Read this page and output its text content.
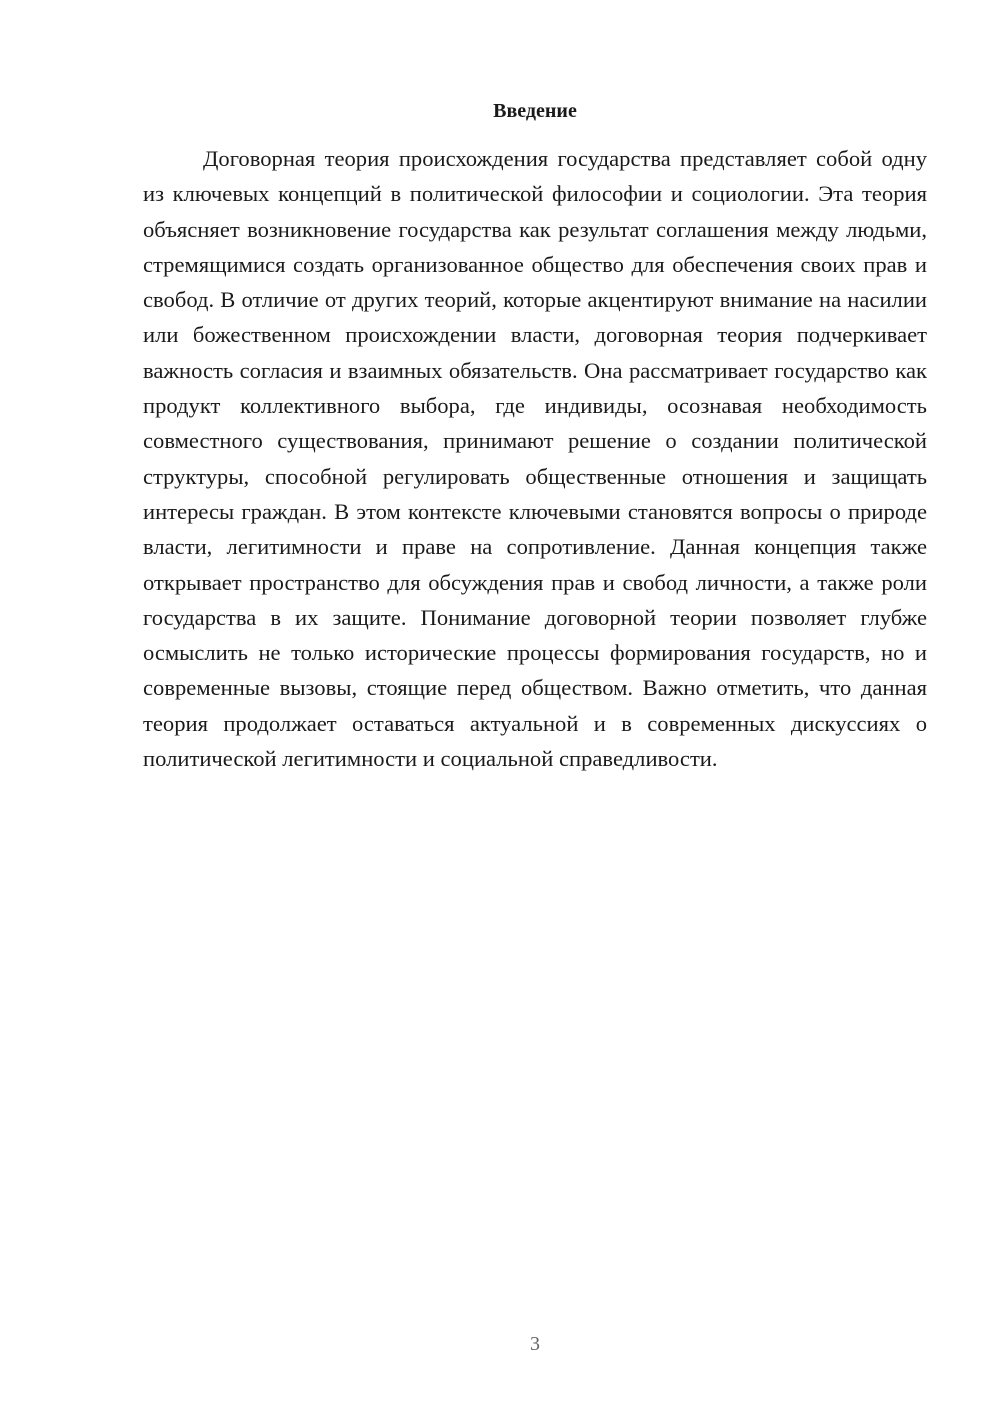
Введение

Договорная теория происхождения государства представляет собой одну из ключевых концепций в политической философии и социологии. Эта теория объясняет возникновение государства как результат соглашения между людьми, стремящимися создать организованное общество для обеспечения своих прав и свобод. В отличие от других теорий, которые акцентируют внимание на насилии или божественном происхождении власти, договорная теория подчеркивает важность согласия и взаимных обязательств. Она рассматривает государство как продукт коллективного выбора, где индивиды, осознавая необходимость совместного существования, принимают решение о создании политической структуры, способной регулировать общественные отношения и защищать интересы граждан. В этом контексте ключевыми становятся вопросы о природе власти, легитимности и праве на сопротивление. Данная концепция также открывает пространство для обсуждения прав и свобод личности, а также роли государства в их защите. Понимание договорной теории позволяет глубже осмыслить не только исторические процессы формирования государств, но и современные вызовы, стоящие перед обществом. Важно отметить, что данная теория продолжает оставаться актуальной и в современных дискуссиях о политической легитимности и социальной справедливости.

3
